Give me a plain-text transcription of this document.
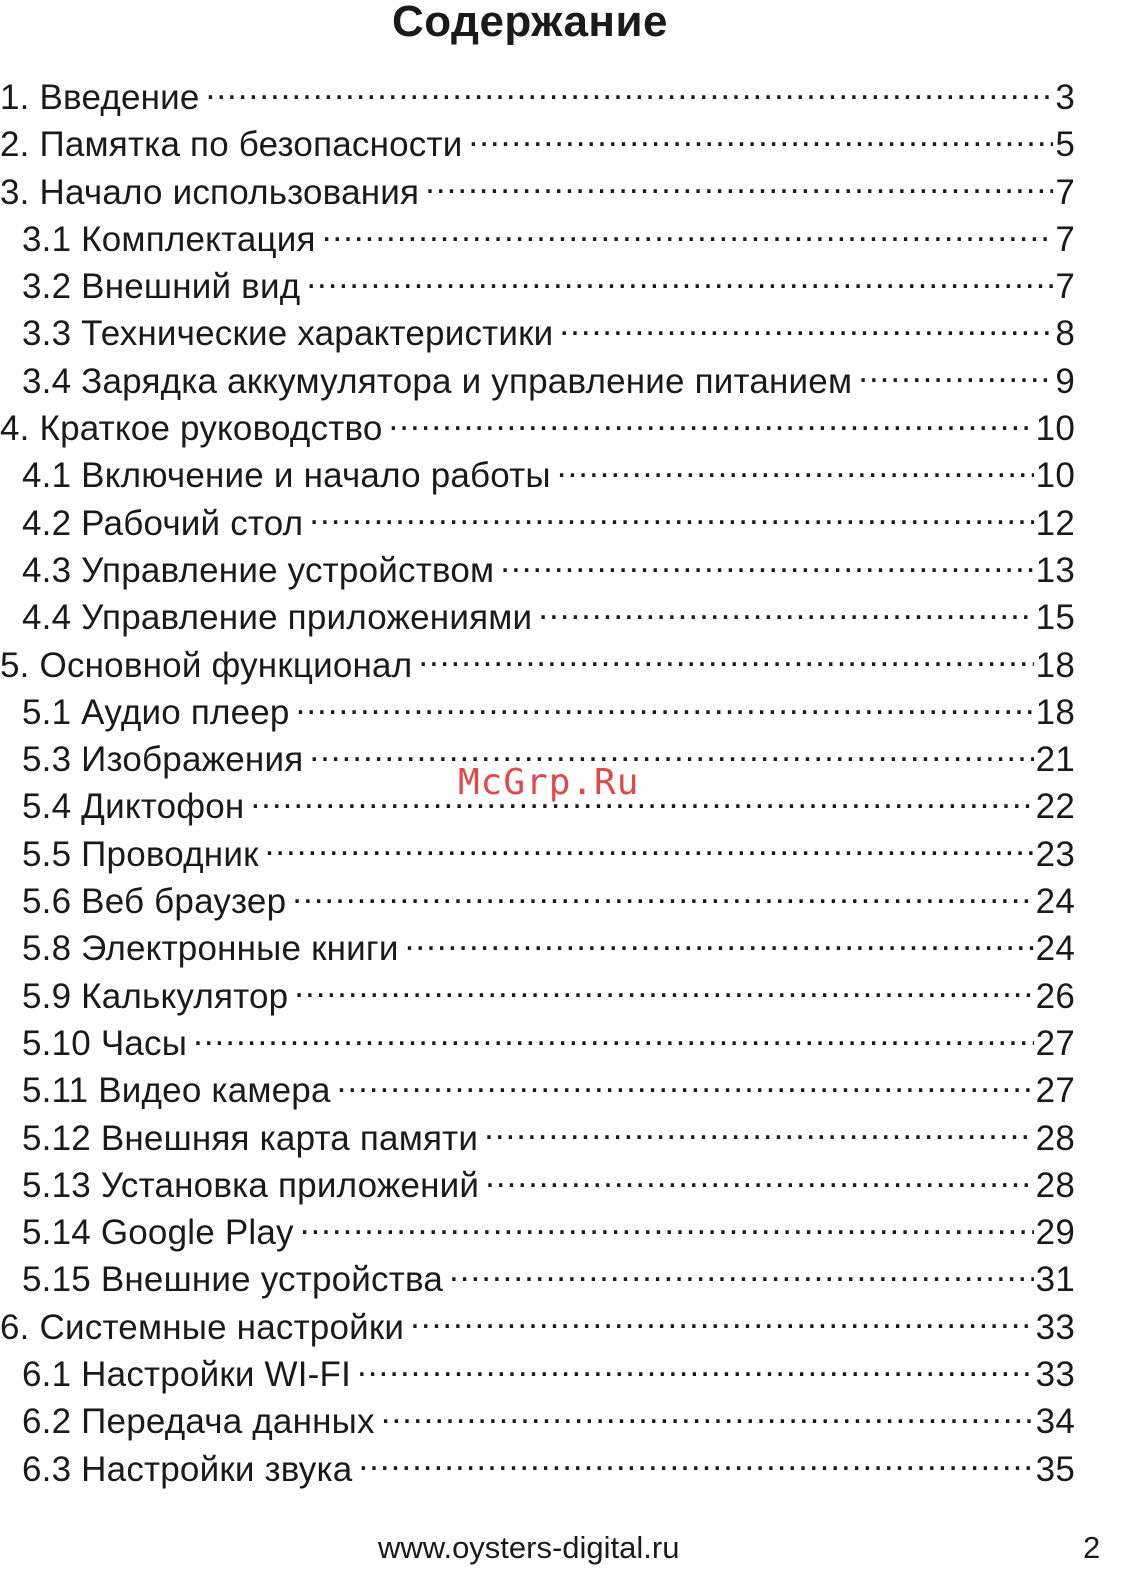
Содержание
1. Введение .....	3
2. Памятка по безопасности .....	5
3. Начало использования .....	7
3.1 Комплектация .....	7
3.2 Внешний вид .....	7
3.3 Технические характеристики .....	8
3.4 Зарядка аккумулятора и управление питанием .....	9
4. Краткое руководство .....	10
4.1 Включение и начало работы .....	10
4.2 Рабочий стол .....	12
4.3 Управление устройством .....	13
4.4 Управление приложениями .....	15
5. Основной функционал .....	18
5.1 Аудио плеер .....	18
5.3 Изображения .....	21
5.4 Диктофон .....	22
5.5 Проводник .....	23
5.6 Веб браузер .....	24
5.8 Электронные книги .....	24
5.9 Калькулятор .....	26
5.10 Часы .....	27
5.11 Видео камера .....	27
5.12 Внешняя карта памяти .....	28
5.13 Установка приложений .....	28
5.14 Google Play .....	29
5.15 Внешние устройства .....	31
6. Системные настройки .....	33
6.1 Настройки WI-FI .....	33
6.2 Передача данных .....	34
6.3 Настройки звука .....	35
McGrp.Ru
www.oysters-digital.ru	2
